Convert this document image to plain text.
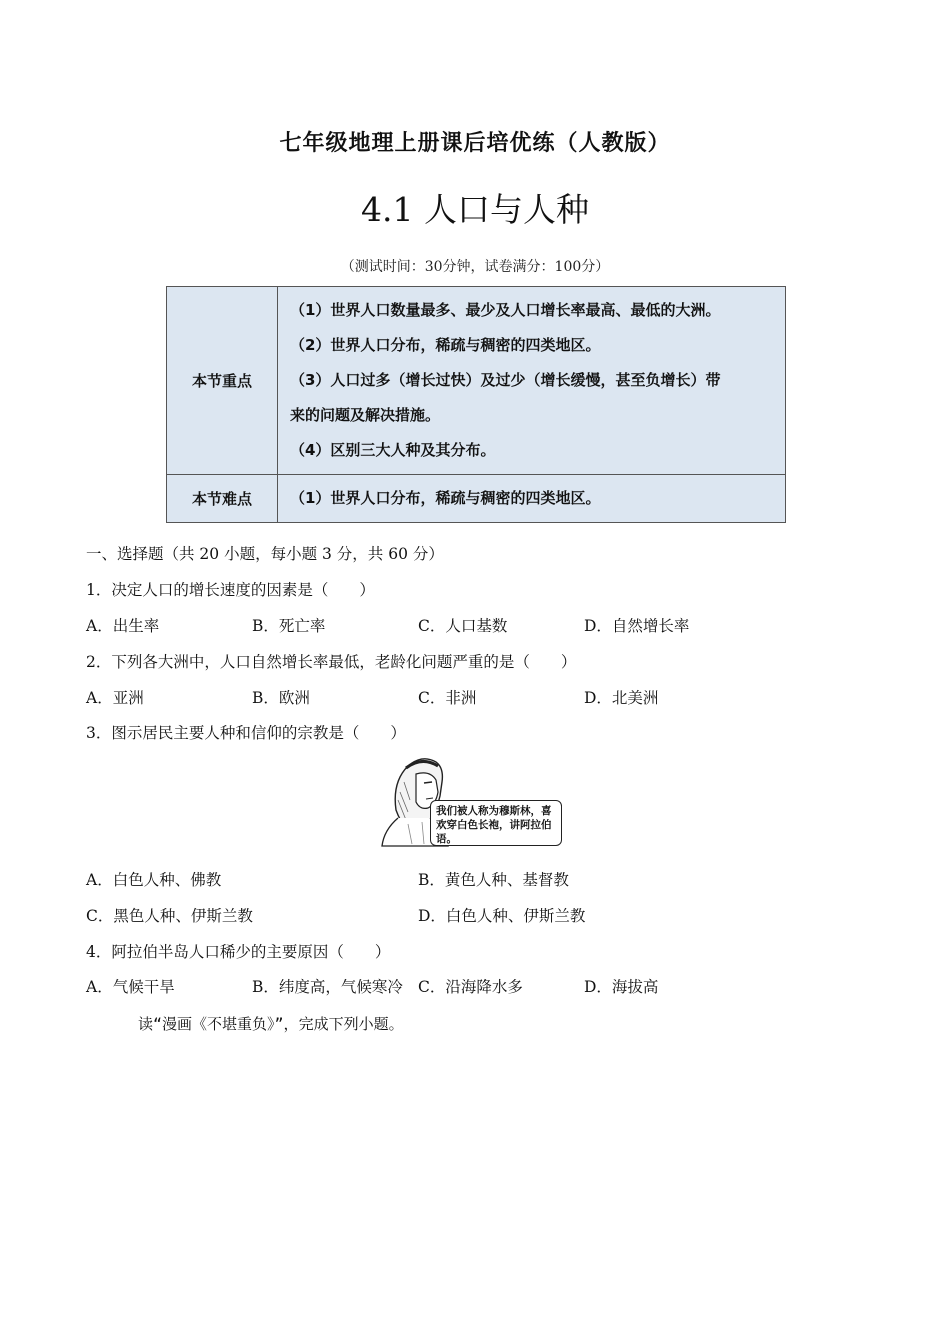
七年级地理上册课后培优练（人教版）
4.1 人口与人种
（测试时间：30分钟，试卷满分：100分）
本节重点	（1）世界人口数量最多、最少及人口增长率最高、最低的大洲。
（2）世界人口分布，稀疏与稠密的四类地区。
（3）人口过多（增长过快）及过少（增长缓慢，甚至负增长）带
来的问题及解决措施。
（4）区别三大人种及其分布。

本节难点	（1）世界人口分布，稀疏与稠密的四类地区。
一、选择题（共 20 小题，每小题 3 分，共 60 分）
1．决定人口的增长速度的因素是（　　）
A．出生率	B．死亡率	C．人口基数	D．自然增长率
2．下列各大洲中，人口自然增长率最低，老龄化问题严重的是（　　）
A．亚洲	B．欧洲	C．非洲	D．北美洲
3．图示居民主要人种和信仰的宗教是（　　）
我们被人称为穆斯林，喜欢穿白色长袍，讲阿拉伯语。
A．白色人种、佛教	B．黄色人种、基督教
C．黑色人种、伊斯兰教	D．白色人种、伊斯兰教
4．阿拉伯半岛人口稀少的主要原因（　　）
A．气候干旱	B．纬度高，气候寒冷 C．沿海降水多	D．海拔高
读“漫画《不堪重负》”，完成下列小题。
